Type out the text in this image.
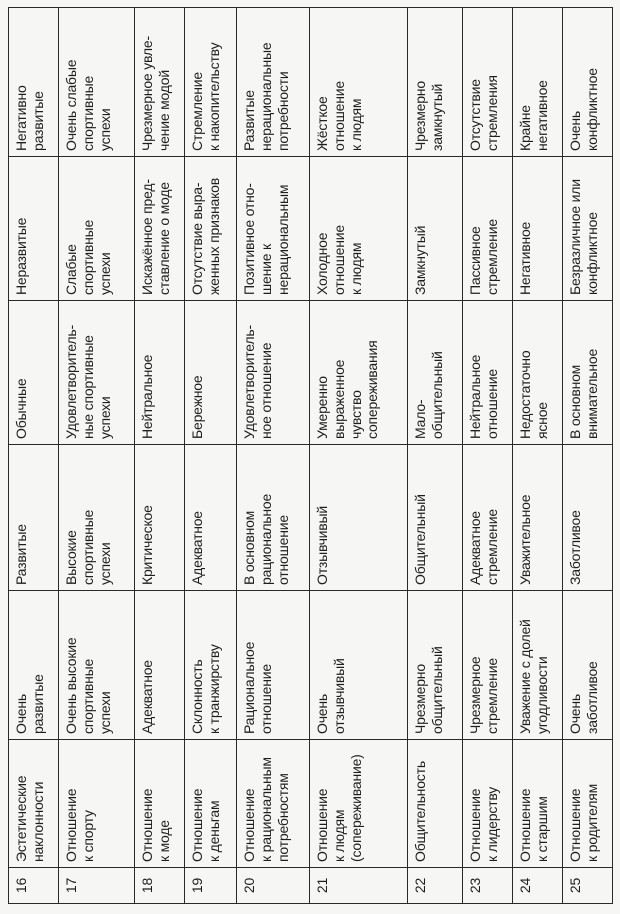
16	Эстетические
наклонности	Очень
развитые	Развитые	Обычные	Неразвитые	Негативно
развитые
17	Отношение
к спорту	Очень высокие
спортивные
успехи	Высокие
спортивные
успехи	Удовлетворитель-
ные спортивные
успехи	Слабые
спортивные
успехи	Очень слабые
спортивные
успехи
18	Отношение
к моде	Адекватное	Критическое	Нейтральное	Искажённое пред-
ставление о моде	Чрезмерное увле-
чение модой
19	Отношение
к деньгам	Склонность
к транжирству	Адекватное	Бережное	Отсутствие выра-
женных признаков	Стремление
к накопительству
20	Отношение
к рациональным
потребностям	Рациональное
отношение	В основном
рациональное
отношение	Удовлетворитель-
ное отношение	Позитивное отно-
шение к
нерациональным	Развитые
нерациональные
потребности
21	Отношение
к людям
(сопереживание)	Очень
отзывчивый	Отзывчивый	Умеренно
выраженное
чувство
сопереживания	Холодное
отношение
к людям	Жёсткое
отношение
к людям
22	Общительность	Чрезмерно
общительный	Общительный	Мало-
общительный	Замкнутый	Чрезмерно
замкнутый
23	Отношение
к лидерству	Чрезмерное
стремление	Адекватное
стремление	Нейтральное
отношение	Пассивное
стремление	Отсутствие
стремления
24	Отношение
к старшим	Уважение с долей
угодливости	Уважительное	Недостаточно
ясное	Негативное	Крайне
негативное
25	Отношение
к родителям	Очень
заботливое	Заботливое	В основном
внимательное	Безразличное или
конфликтное	Очень
конфликтное
